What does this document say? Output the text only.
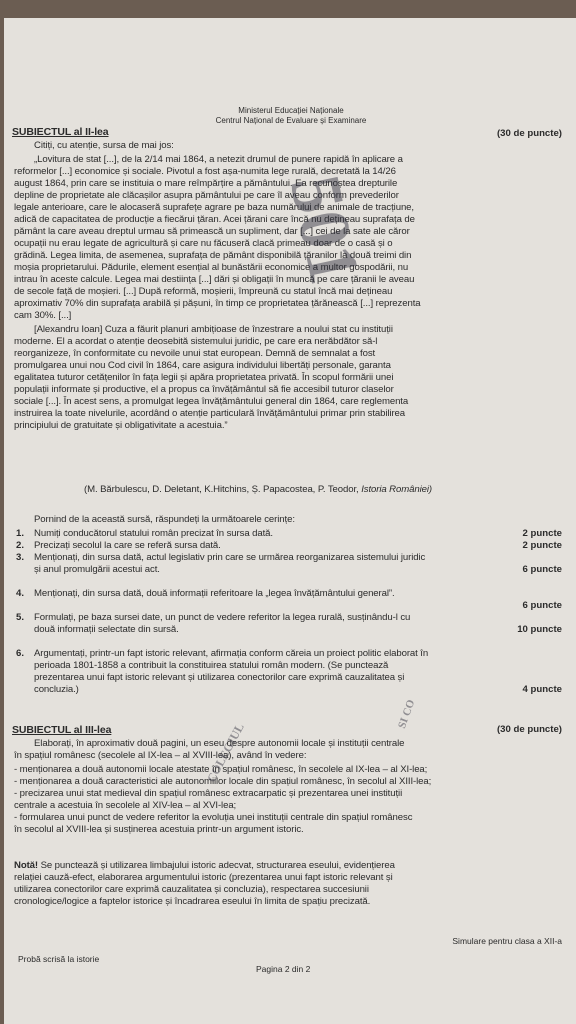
Ministerul Educației Naționale
Centrul Național de Evaluare și Examinare
SUBIECTUL al II-lea	(30 de puncte)
Citiți, cu atenție, sursa de mai jos:
„Lovitura de stat [...], de la 2/14 mai 1864, a netezit drumul de punere rapidă în aplicare a
reformelor [...] economice și sociale. Pivotul a fost așa-numita lege rurală, decretată la 14/26
august 1864, prin care se instituia o mare reîmpărțire a pământului. Ea recunoștea drepturile
depline de proprietate ale clăcașilor asupra pământului pe care îl aveau conform prevederilor
legale anterioare, care le alocaseră suprafețe agrare pe baza numărului de animale de tracțiune,
adică de capacitatea de producție a fiecărui țăran. Acei țărani care încă nu dețineau suprafața de
pământ la care aveau dreptul urmau să primească un supliment, dar [...] cei de la sate ale căror
ocupații nu erau legate de agricultură și care nu făcuseră clacă primeau doar de o casă și o
grădină. Legea limita, de asemenea, suprafața de pământ disponibilă țăranilor la două treimi din
moșia proprietarului. Pădurile, element esențial al bunăstării economice a multor gospodării, nu
intrau în aceste calcule. Legea mai destiința [...] dări și obligații în muncă pe care țăranii le aveau
de secole față de moșieri. [...] După reformă, moșierii, împreună cu statul încă mai dețineau
aproximativ 70% din suprafața arabilă și pășuni, în timp ce proprietatea țărănească [...] reprezenta
cam 30%. [...]
[Alexandru Ioan] Cuza a făurit planuri ambițioase de înzestrare a noului stat cu instituții
moderne. El a acordat o atenție deosebită sistemului juridic, pe care era nerăbdător să-l
reorganizeze, în conformitate cu nevoile unui stat european. Demnă de semnalat a fost
promulgarea unui nou Cod civil în 1864, care asigura individului libertăți personale, garanta
egalitatea tuturor cetățenilor în fața legii și apăra proprietatea privată. În scopul formării unei
populații informate și productive, el a propus ca învățământul să fie accesibil tuturor claselor
sociale [...]. În acest sens, a promulgat legea învățământului general din 1864, care reglementa
instruirea la toate nivelurile, acordând o atenție particulară învățământului primar prin stabilirea
principiului de gratuitate și obligativitate a acestuia.”
(M. Bărbulescu, D. Deletant, K.Hitchins, Ș. Papacostea, P. Teodor, Istoria României)
Pornind de la această sursă, răspundeți la următoarele cerințe:
1.	Numiți conducătorul statului român precizat în sursa dată.	2 puncte
2.	Precizați secolul la care se referă sursa dată.	2 puncte
3.	Menționați, din sursa dată, actul legislativ prin care se urmărea reorganizarea sistemului juridic
și anul promulgării acestui act.	6 puncte
4.	Menționați, din sursa dată, două informații referitoare la „legea învățământului general”.
6 puncte
5.	Formulați, pe baza sursei date, un punct de vedere referitor la legea rurală, susținându-l cu
două informații selectate din sursă.	10 puncte
6.	Argumentați, printr-un fapt istoric relevant, afirmația conform căreia un proiect politic elaborat în
perioada 1801-1858 a contribuit la constituirea statului român modern. (Se punctează
prezentarea unui fapt istoric relevant și utilizarea conectorilor care exprimă cauzalitatea și
concluzia.)	4 puncte
SUBIECTUL al III-lea	(30 de puncte)
Elaborați, în aproximativ două pagini, un eseu despre autonomii locale și instituții centrale
în spațiul românesc (secolele al IX-lea – al XVIII-lea), având în vedere:
- menționarea a două autonomii locale atestate în spațiul românesc, în secolele al IX-lea – al XI-lea;
- menționarea a două caracteristici ale autonomiilor locale din spațiul românesc, în secolul al XIII-lea;
- precizarea unui stat medieval din spațiul românesc extracarpatic și prezentarea unei instituții
centrale a acestuia în secolele al XIV-lea – al XVI-lea;
- formularea unui punct de vedere referitor la evoluția unei instituții centrale din spațiul românesc
în secolul al XVIII-lea și susținerea acestuia printr-un argument istoric.
Notă! Se punctează și utilizarea limbajului istoric adecvat, structurarea eseului, evidențierea
relației cauză-efect, elaborarea argumentului istoric (prezentarea unui fapt istoric relevant și
utilizarea conectorilor care exprimă cauzalitatea și concluzia), respectarea succesiunii
cronologice/logice a faptelor istorice și încadrarea eseului în limita de spațiu precizată.
Probă scrisă la istorie
Pagina 2 din 2
Simulare pentru clasa a XII-a
501
COLEGIUL
SI CO
